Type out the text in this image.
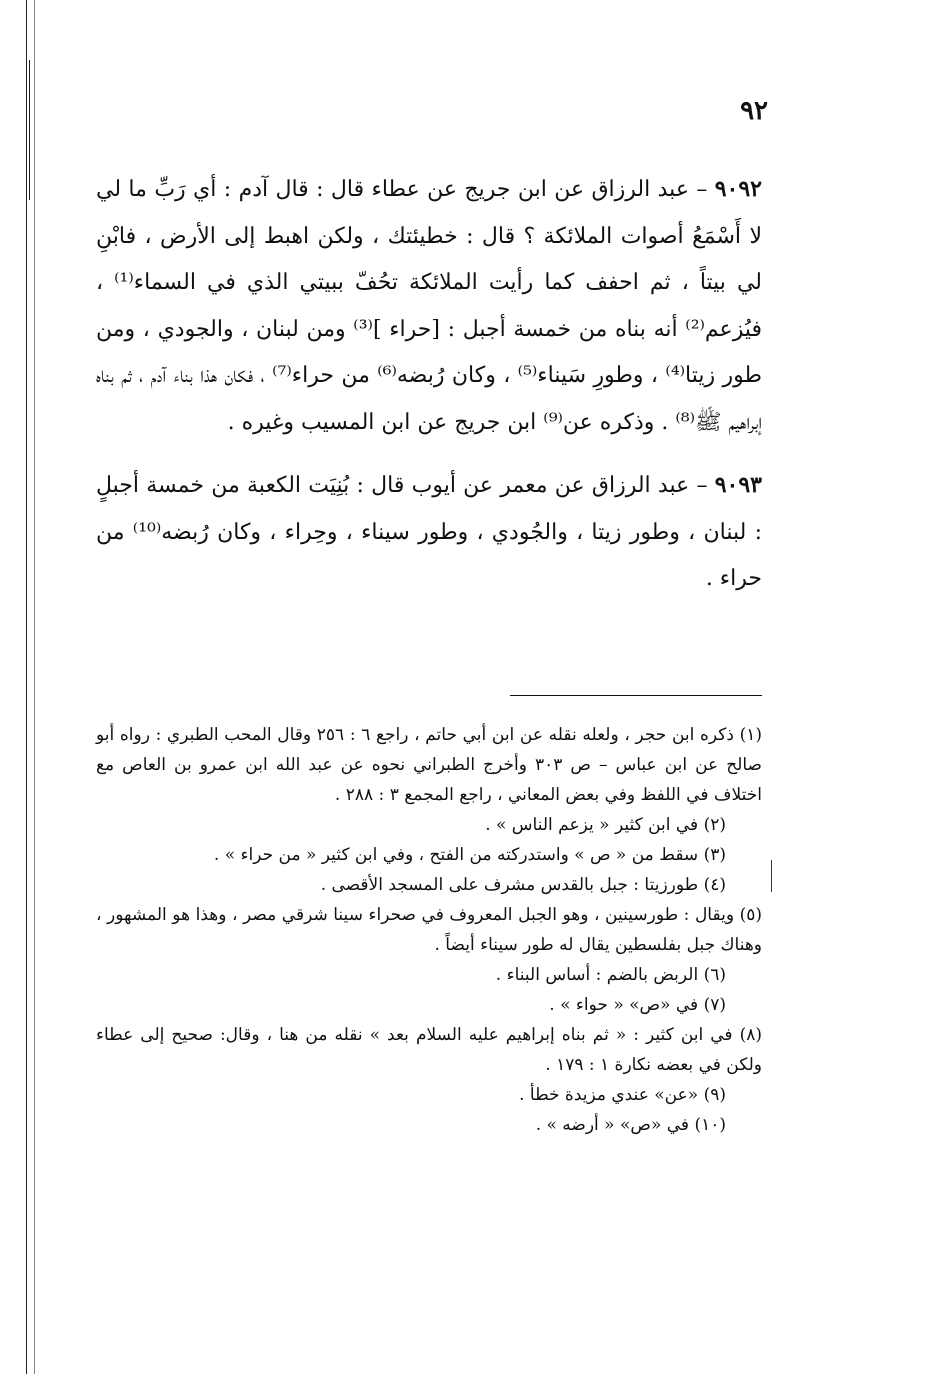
٩٢

٩٠٩٢ – عبد الرزاق عن ابن جريج عن عطاء قال : قال آدم : أي رَبِّ ما لي لا أَسْمَعُ أصوات الملائكة ؟ قال : خطيئتك ، ولكن اهبط إلى الأرض ، فابْنِ لي بيتاً ، ثم احفف كما رأيت الملائكة تحُفّ ببيتي الذي في السماء⁽¹⁾ ، فيُزعم⁽²⁾ أنه بناه من خمسة أجبل : [حراء ]⁽³⁾ ومن لبنان ، والجودي ، ومن طور زيتا⁽⁴⁾ ، وطورِ سَيناء⁽⁵⁾ ، وكان رُبضه⁽⁶⁾ من حراء⁽⁷⁾ ، فكان هذا بناء آدم ، ثم بناه إبراهيم ﷺ⁽⁸⁾ . وذكره عن⁽⁹⁾ ابن جريج عن ابن المسيب وغيره .

٩٠٩٣ – عبد الرزاق عن معمر عن أيوب قال : بُنِيَت الكعبة من خمسة أجبلٍ : لبنان ، وطور زيتا ، والجُودي ، وطور سيناء ، وحِراء ، وكان رُبضه⁽¹⁰⁾ من حراء .

(١) ذكره ابن حجر ، ولعله نقله عن ابن أبي حاتم ، راجع ٦ : ٢٥٦ وقال المحب الطبري : رواه أبو صالح عن ابن عباس – ص ٣٠٣ وأخرج الطبراني نحوه عن عبد الله ابن عمرو بن العاص مع اختلاف في اللفظ وفي بعض المعاني ، راجع المجمع ٣ : ٢٨٨ .

(٢) في ابن كثير « يزعم الناس » .

(٣) سقط من « ص » واستدركته من الفتح ، وفي ابن كثير « من حراء » .

(٤) طورزيتا : جبل بالقدس مشرف على المسجد الأقصى .

(٥) ويقال : طورسينين ، وهو الجبل المعروف في صحراء سينا شرقي مصر ، وهذا هو المشهور ، وهناك جبل بفلسطين يقال له طور سيناء أيضاً .

(٦) الربض بالضم : أساس البناء .

(٧) في «ص» « حواء » .

(٨) في ابن كثير : « ثم بناه إبراهيم عليه السلام بعد » نقله من هنا ، وقال: صحيح إلى عطاء ولكن في بعضه نكارة ١ : ١٧٩ .

(٩) «عن» عندي مزيدة خطأ .

(١٠) في «ص» « أرضه » .
